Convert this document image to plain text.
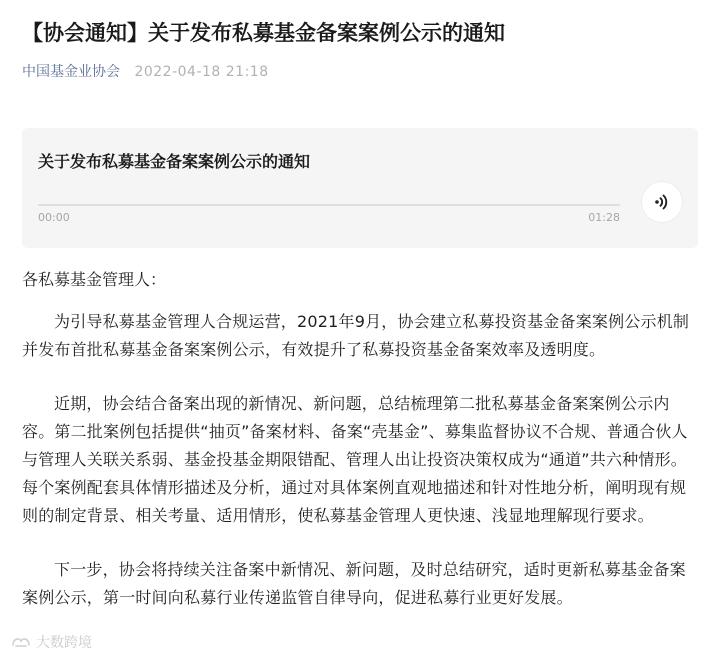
【协会通知】关于发布私募基金备案案例公示的通知
中国基金业协会 2022-04-18 21:18
关于发布私募基金备案案例公示的通知
00:00	01:28

各私募基金管理人：

为引导私募基金管理人合规运营，2021年9月，协会建立私募投资基金备案案例公示机制并发布首批私募基金备案案例公示，有效提升了私募投资基金备案效率及透明度。

近期，协会结合备案出现的新情况、新问题，总结梳理第二批私募基金备案案例公示内容。第二批案例包括提供“抽页”备案材料、备案“壳基金”、募集监督协议不合规、普通合伙人与管理人关联关系弱、基金投基金期限错配、管理人出让投资决策权成为“通道”共六种情形。每个案例配套具体情形描述及分析，通过对具体案例直观地描述和针对性地分析，阐明现有规则的制定背景、相关考量、适用情形，使私募基金管理人更快速、浅显地理解现行要求。

下一步，协会将持续关注备案中新情况、新问题，及时总结研究，适时更新私募基金备案案例公示，第一时间向私募行业传递监管自律导向，促进私募行业更好发展。

大数跨境
